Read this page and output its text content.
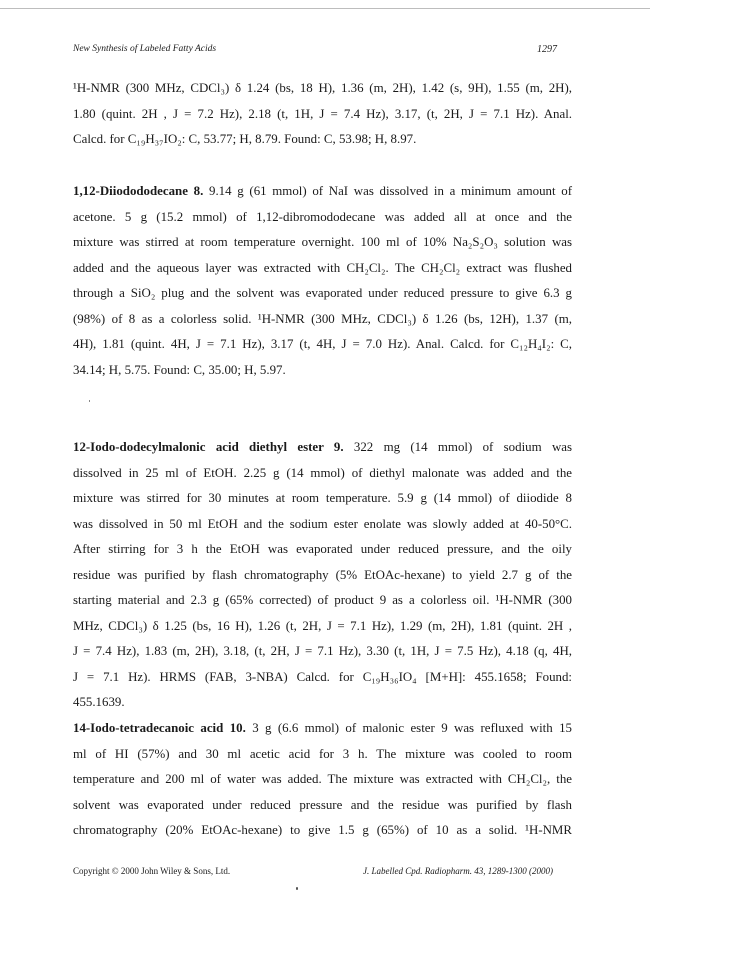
New Synthesis of Labeled Fatty Acids	1297
¹H-NMR (300 MHz, CDCl₃) δ 1.24 (bs, 18 H), 1.36 (m, 2H), 1.42 (s, 9H), 1.55 (m, 2H),
1.80 (quint. 2H , J = 7.2 Hz), 2.18 (t, 1H, J = 7.4 Hz), 3.17, (t, 2H, J = 7.1 Hz). Anal.
Calcd. for C₁₉H₃₇IO₂: C, 53.77; H, 8.79. Found: C, 53.98; H, 8.97.
1,12-Diiodododecane 8. 9.14 g (61 mmol) of NaI was dissolved in a minimum amount of
acetone. 5 g (15.2 mmol) of 1,12-dibromododecane was added all at once and the
mixture was stirred at room temperature overnight. 100 ml of 10% Na₂S₂O₃ solution was
added and the aqueous layer was extracted with CH₂Cl₂. The CH₂Cl₂ extract was flushed
through a SiO₂ plug and the solvent was evaporated under reduced pressure to give 6.3 g
(98%) of 8 as a colorless solid. ¹H-NMR (300 MHz, CDCl₃) δ 1.26 (bs, 12H), 1.37 (m,
4H), 1.81 (quint. 4H, J = 7.1 Hz), 3.17 (t, 4H, J = 7.0 Hz). Anal. Calcd. for C₁₂H₄I₂: C,
34.14; H, 5.75. Found: C, 35.00; H, 5.97.
12-Iodo-dodecylmalonic acid diethyl ester 9. 322 mg (14 mmol) of sodium was
dissolved in 25 ml of EtOH. 2.25 g (14 mmol) of diethyl malonate was added and the
mixture was stirred for 30 minutes at room temperature. 5.9 g (14 mmol) of diiodide 8
was dissolved in 50 ml EtOH and the sodium ester enolate was slowly added at 40-50°C.
After stirring for 3 h the EtOH was evaporated under reduced pressure, and the oily
residue was purified by flash chromatography (5% EtOAc-hexane) to yield 2.7 g of the
starting material and 2.3 g (65% corrected) of product 9 as a colorless oil. ¹H-NMR (300
MHz, CDCl₃) δ 1.25 (bs, 16 H), 1.26 (t, 2H, J = 7.1 Hz), 1.29 (m, 2H), 1.81 (quint. 2H ,
J = 7.4 Hz), 1.83 (m, 2H), 3.18, (t, 2H, J = 7.1 Hz), 3.30 (t, 1H, J = 7.5 Hz), 4.18 (q, 4H,
J = 7.1 Hz). HRMS (FAB, 3-NBA) Calcd. for C₁₉H₃₆IO₄ [M+H]: 455.1658; Found:
455.1639.
14-Iodo-tetradecanoic acid 10. 3 g (6.6 mmol) of malonic ester 9 was refluxed with 15
ml of HI (57%) and 30 ml acetic acid for 3 h. The mixture was cooled to room
temperature and 200 ml of water was added. The mixture was extracted with CH₂Cl₂, the
solvent was evaporated under reduced pressure and the residue was purified by flash
chromatography (20% EtOAc-hexane) to give 1.5 g (65%) of 10 as a solid. ¹H-NMR
Copyright © 2000 John Wiley & Sons, Ltd.	J. Labelled Cpd. Radiopharm. 43, 1289-1300 (2000)
